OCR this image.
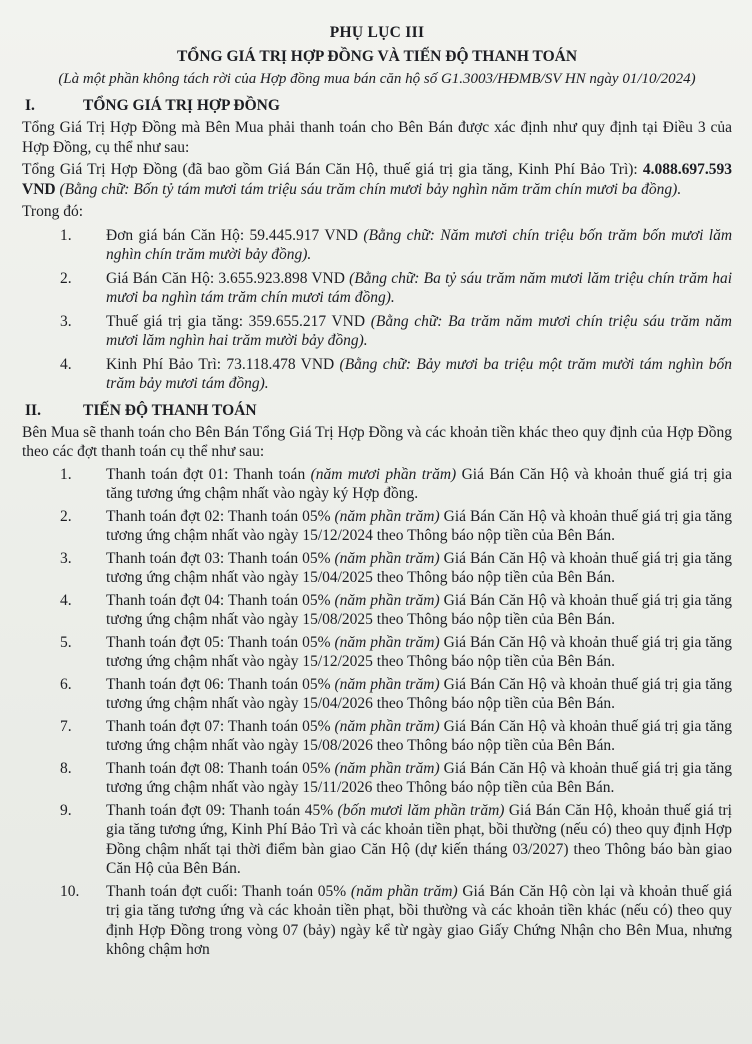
PHỤ LỤC III
TỔNG GIÁ TRỊ HỢP ĐỒNG VÀ TIẾN ĐỘ THANH TOÁN
(Là một phần không tách rời của Hợp đồng mua bán căn hộ số G1.3003/HĐMB/SV HN ngày 01/10/2024)
I.	TỔNG GIÁ TRỊ HỢP ĐỒNG
Tổng Giá Trị Hợp Đồng mà Bên Mua phải thanh toán cho Bên Bán được xác định như quy định tại Điều 3 của Hợp Đồng, cụ thể như sau:
Tổng Giá Trị Hợp Đồng (đã bao gồm Giá Bán Căn Hộ, thuế giá trị gia tăng, Kinh Phí Bảo Trì): 4.088.697.593 VND (Bằng chữ: Bốn tỷ tám mươi tám triệu sáu trăm chín mươi bảy nghìn năm trăm chín mươi ba đồng).
Trong đó:
1.	Đơn giá bán Căn Hộ: 59.445.917 VND (Bằng chữ: Năm mươi chín triệu bốn trăm bốn mươi lăm nghìn chín trăm mười bảy đồng).
2.	Giá Bán Căn Hộ: 3.655.923.898 VND (Bằng chữ: Ba tỷ sáu trăm năm mươi lăm triệu chín trăm hai mươi ba nghìn tám trăm chín mươi tám đồng).
3.	Thuế giá trị gia tăng: 359.655.217 VND (Bằng chữ: Ba trăm năm mươi chín triệu sáu trăm năm mươi lăm nghìn hai trăm mười bảy đồng).
4.	Kinh Phí Bảo Trì: 73.118.478 VND (Bằng chữ: Bảy mươi ba triệu một trăm mười tám nghìn bốn trăm bảy mươi tám đồng).
II.	TIẾN ĐỘ THANH TOÁN
Bên Mua sẽ thanh toán cho Bên Bán Tổng Giá Trị Hợp Đồng và các khoản tiền khác theo quy định của Hợp Đồng theo các đợt thanh toán cụ thể như sau:
1.	Thanh toán đợt 01: Thanh toán (năm mươi phần trăm) Giá Bán Căn Hộ và khoản thuế giá trị gia tăng tương ứng chậm nhất vào ngày ký Hợp đồng.
2.	Thanh toán đợt 02: Thanh toán 05% (năm phần trăm) Giá Bán Căn Hộ và khoản thuế giá trị gia tăng tương ứng chậm nhất vào ngày 15/12/2024 theo Thông báo nộp tiền của Bên Bán.
3.	Thanh toán đợt 03: Thanh toán 05% (năm phần trăm) Giá Bán Căn Hộ và khoản thuế giá trị gia tăng tương ứng chậm nhất vào ngày 15/04/2025 theo Thông báo nộp tiền của Bên Bán.
4.	Thanh toán đợt 04: Thanh toán 05% (năm phần trăm) Giá Bán Căn Hộ và khoản thuế giá trị gia tăng tương ứng chậm nhất vào ngày 15/08/2025 theo Thông báo nộp tiền của Bên Bán.
5.	Thanh toán đợt 05: Thanh toán 05% (năm phần trăm) Giá Bán Căn Hộ và khoản thuế giá trị gia tăng tương ứng chậm nhất vào ngày 15/12/2025 theo Thông báo nộp tiền của Bên Bán.
6.	Thanh toán đợt 06: Thanh toán 05% (năm phần trăm) Giá Bán Căn Hộ và khoản thuế giá trị gia tăng tương ứng chậm nhất vào ngày 15/04/2026 theo Thông báo nộp tiền của Bên Bán.
7.	Thanh toán đợt 07: Thanh toán 05% (năm phần trăm) Giá Bán Căn Hộ và khoản thuế giá trị gia tăng tương ứng chậm nhất vào ngày 15/08/2026 theo Thông báo nộp tiền của Bên Bán.
8.	Thanh toán đợt 08: Thanh toán 05% (năm phần trăm) Giá Bán Căn Hộ và khoản thuế giá trị gia tăng tương ứng chậm nhất vào ngày 15/11/2026 theo Thông báo nộp tiền của Bên Bán.
9.	Thanh toán đợt 09: Thanh toán 45% (bốn mươi lăm phần trăm) Giá Bán Căn Hộ, khoản thuế giá trị gia tăng tương ứng, Kinh Phí Bảo Trì và các khoản tiền phạt, bồi thường (nếu có) theo quy định Hợp Đồng chậm nhất tại thời điểm bàn giao Căn Hộ (dự kiến tháng 03/2027) theo Thông báo bàn giao Căn Hộ của Bên Bán.
10.	Thanh toán đợt cuối: Thanh toán 05% (năm phần trăm) Giá Bán Căn Hộ còn lại và khoản thuế giá trị gia tăng tương ứng và các khoản tiền phạt, bồi thường và các khoản tiền khác (nếu có) theo quy định Hợp Đồng trong vòng 07 (bảy) ngày kể từ ngày giao Giấy Chứng Nhận cho Bên Mua, nhưng không chậm hơn
